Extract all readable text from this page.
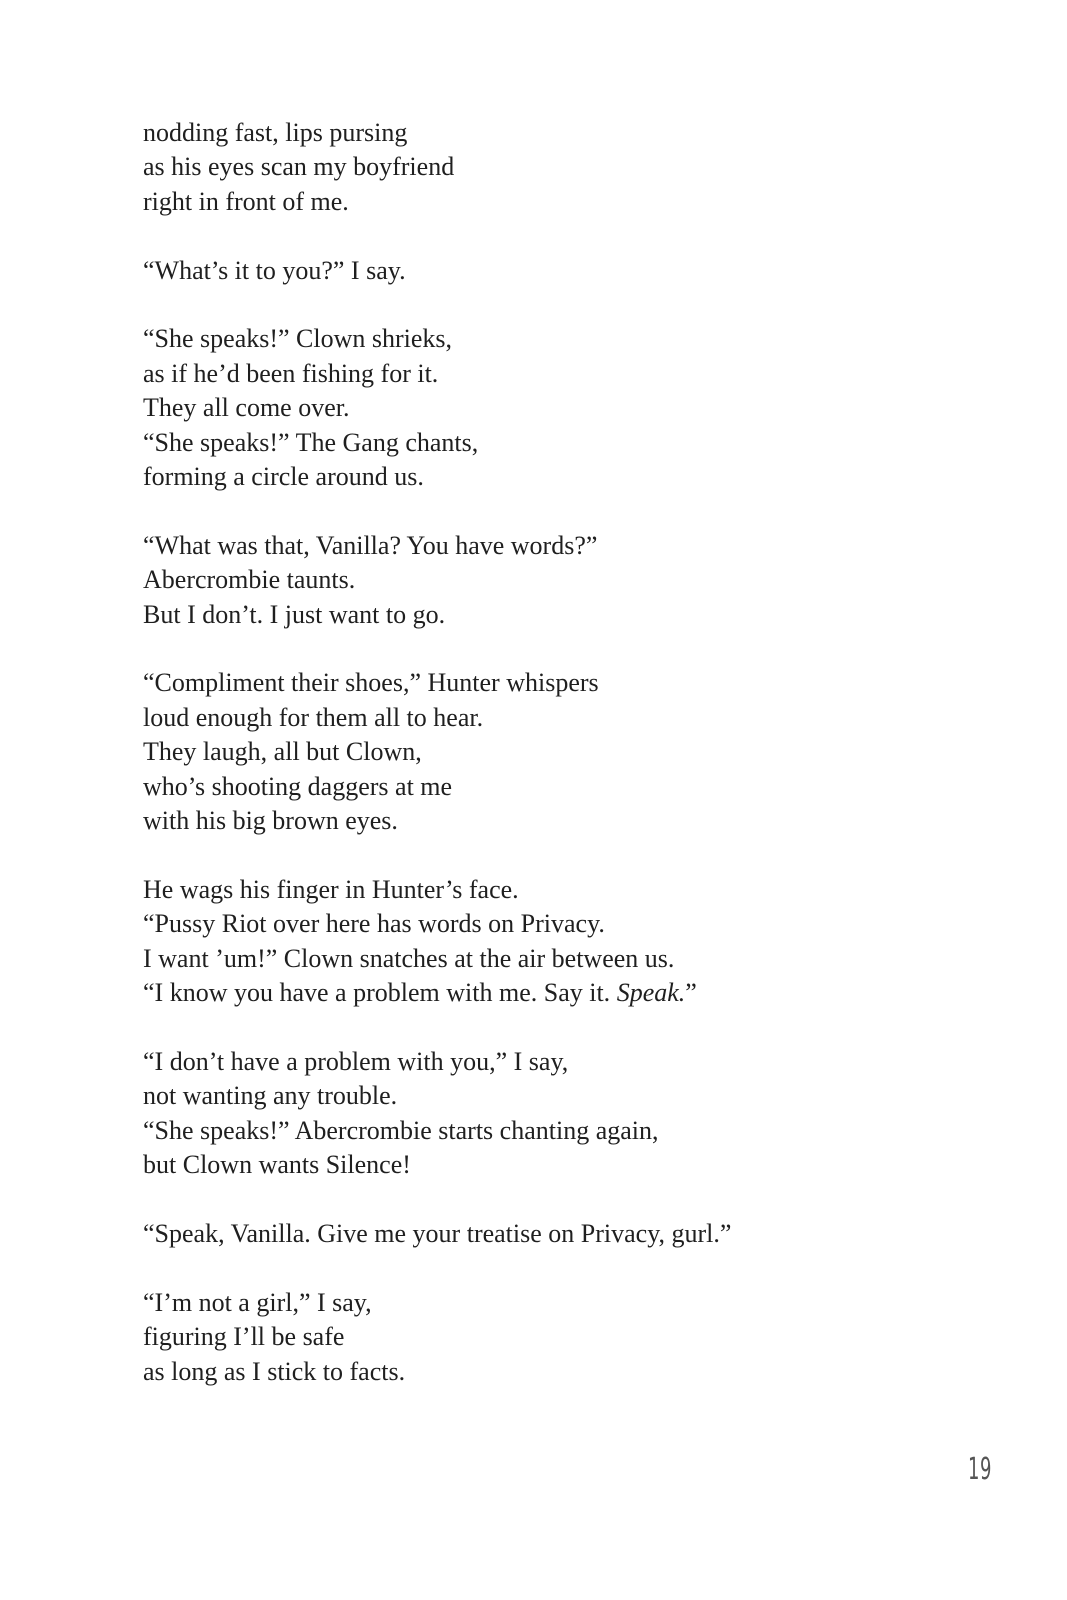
nodding fast, lips pursing
as his eyes scan my boyfriend
right in front of me.
“What’s it to you?” I say.
“She speaks!” Clown shrieks,
as if he’d been fishing for it.
They all come over.
“She speaks!” The Gang chants,
forming a circle around us.
“What was that, Vanilla? You have words?”
Abercrombie taunts.
But I don’t. I just want to go.
“Compliment their shoes,” Hunter whispers
loud enough for them all to hear.
They laugh, all but Clown,
who’s shooting daggers at me
with his big brown eyes.
He wags his finger in Hunter’s face.
“Pussy Riot over here has words on Privacy.
I want ’um!” Clown snatches at the air between us.
“I know you have a problem with me. Say it. Speak.”
“I don’t have a problem with you,” I say,
not wanting any trouble.
“She speaks!” Abercrombie starts chanting again,
but Clown wants Silence!
“Speak, Vanilla. Give me your treatise on Privacy, gurl.”
“I’m not a girl,” I say,
figuring I’ll be safe
as long as I stick to facts.
19
